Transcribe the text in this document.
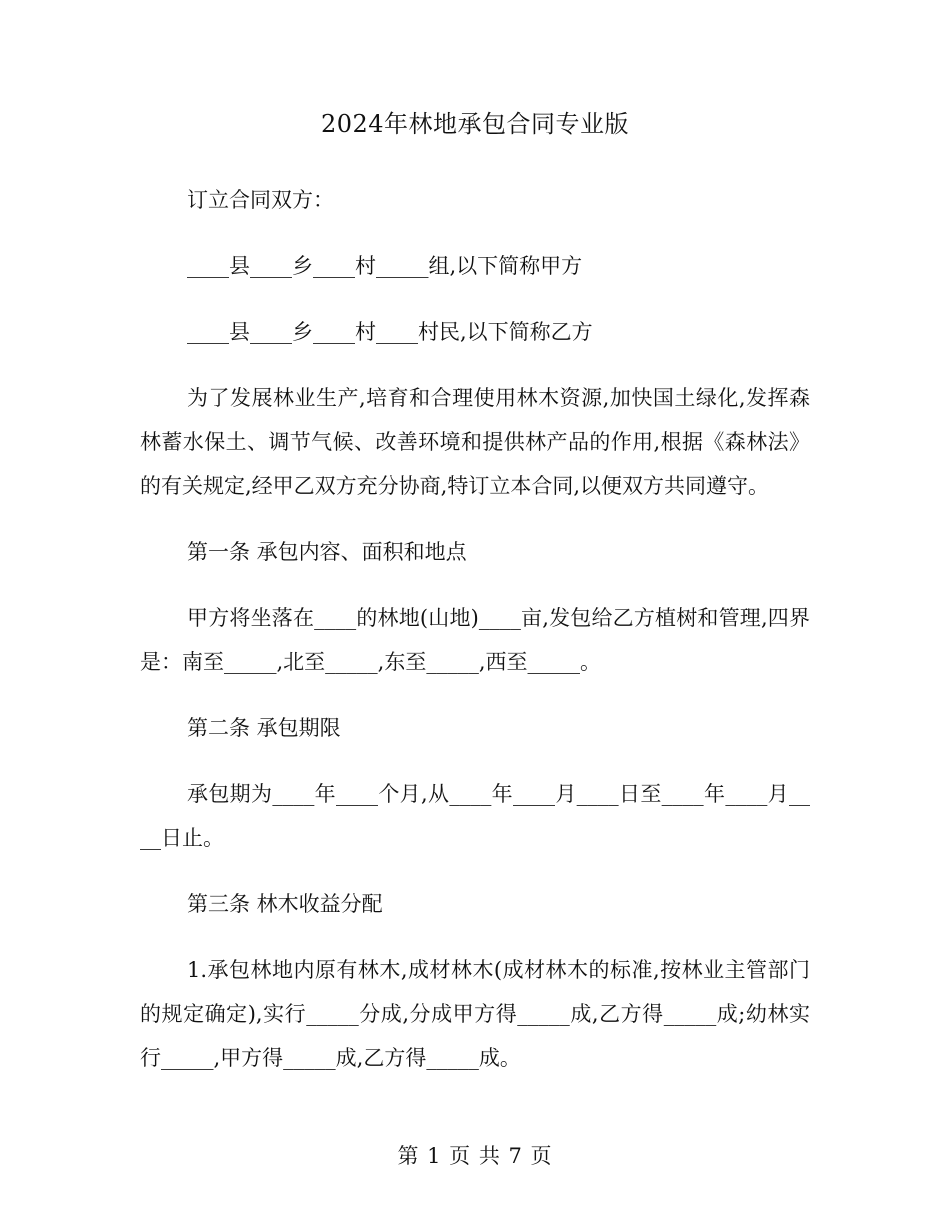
2024年林地承包合同专业版

订立合同双方：

____县____乡____村_____组,以下简称甲方

____县____乡____村____村民,以下简称乙方

为了发展林业生产,培育和合理使用林木资源,加快国土绿化,发挥森林蓄水保土、调节气候、改善环境和提供林产品的作用,根据《森林法》的有关规定,经甲乙双方充分协商,特订立本合同,以便双方共同遵守。

第一条 承包内容、面积和地点

甲方将坐落在____的林地(山地)____亩,发包给乙方植树和管理,四界是：南至_____,北至_____,东至_____,西至_____。

第二条 承包期限

承包期为____年____个月,从____年____月____日至____年____月____日止。

第三条 林木收益分配

1.承包林地内原有林木,成材林木(成材林木的标准,按林业主管部门的规定确定),实行_____分成,分成甲方得_____成,乙方得_____成;幼林实行_____,甲方得_____成,乙方得_____成。

第 1 页 共 7 页
